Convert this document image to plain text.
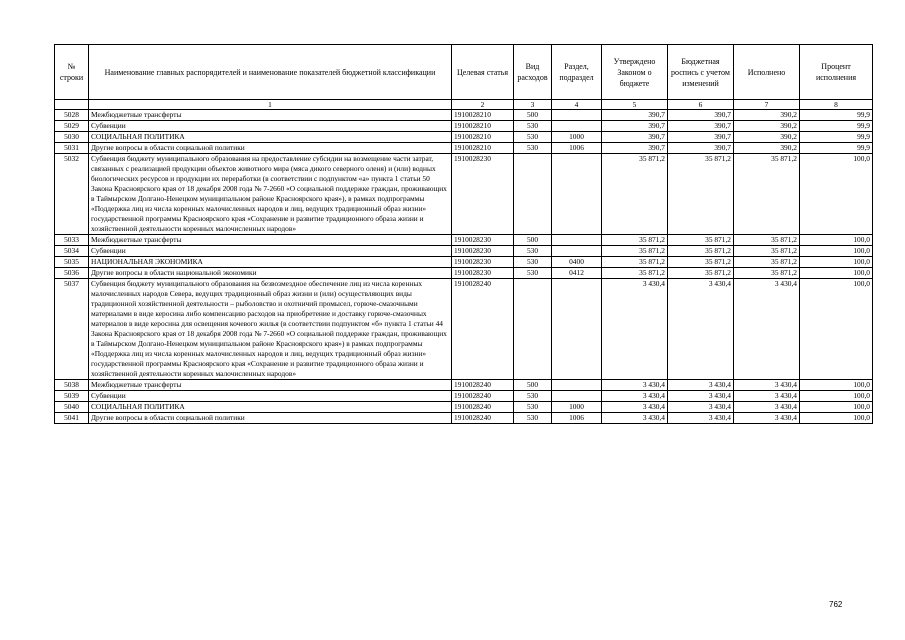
№ строки	Наименование главных распорядителей и наименование показателей бюджетной классификации	Целевая статья	Вид расходов	Раздел, подраздел	Утверждено Законом о бюджете	Бюджетная роспись с учетом изменений	Исполнено	Процент исполнения
	1	2	3	4	5	6	7	8
5028	Межбюджетные трансферты	1910028210	500		390,7	390,7	390,2	99,9
5029	Субвенции	1910028210	530		390,7	390,7	390,2	99,9
5030	СОЦИАЛЬНАЯ ПОЛИТИКА	1910028210	530	1000	390,7	390,7	390,2	99,9
5031	Другие вопросы в области социальной политики	1910028210	530	1006	390,7	390,7	390,2	99,9
5032	Субвенция бюджету муниципального образования на предоставление субсидии на возмещение части затрат, связанных с реализацией продукции объектов животного мира (мяса дикого северного оленя) и (или) водных биологических ресурсов и продукции их переработки (в соответствии с подпунктом «а» пункта 1 статьи 50 Закона Красноярского края от 18 декабря 2008 года № 7-2660 «О социальной поддержке граждан, проживающих в Таймырском Долгано-Ненецком муниципальном районе Красноярского края»), в рамках подпрограммы «Поддержка лиц из числа коренных малочисленных народов и лиц, ведущих традиционный образ жизни» государственной программы Красноярского края «Сохранение и развитие традиционного образа жизни и хозяйственной деятельности коренных малочисленных народов»	1910028230			35 871,2	35 871,2	35 871,2	100,0
5033	Межбюджетные трансферты	1910028230	500		35 871,2	35 871,2	35 871,2	100,0
5034	Субвенции	1910028230	530		35 871,2	35 871,2	35 871,2	100,0
5035	НАЦИОНАЛЬНАЯ ЭКОНОМИКА	1910028230	530	0400	35 871,2	35 871,2	35 871,2	100,0
5036	Другие вопросы в области национальной экономики	1910028230	530	0412	35 871,2	35 871,2	35 871,2	100,0
5037	Субвенция бюджету муниципального образования на безвозмездное обеспечение лиц из числа коренных малочисленных народов Севера, ведущих традиционный образ жизни и (или) осуществляющих виды традиционной хозяйственной деятельности – рыболовство и охотничий промысел, горюче-смазочными материалами в виде керосина либо компенсацию расходов на приобретение и доставку горюче-смазочных материалов в виде керосина для освещения кочевого жилья (в соответствии подпунктом «б» пункта 1 статьи 44 Закона Красноярского края от 18 декабря 2008 года № 7-2660 «О социальной поддержке граждан, проживающих в Таймырском Долгано-Ненецком муниципальном районе Красноярского края») в рамках подпрограммы «Поддержка лиц из числа коренных малочисленных народов и лиц, ведущих традиционный образ жизни» государственной программы Красноярского края «Сохранение и развитие традиционного образа жизни и хозяйственной деятельности коренных малочисленных народов»	1910028240			3 430,4	3 430,4	3 430,4	100,0
5038	Межбюджетные трансферты	1910028240	500		3 430,4	3 430,4	3 430,4	100,0
5039	Субвенции	1910028240	530		3 430,4	3 430,4	3 430,4	100,0
5040	СОЦИАЛЬНАЯ ПОЛИТИКА	1910028240	530	1000	3 430,4	3 430,4	3 430,4	100,0
5041	Другие вопросы в области социальной политики	1910028240	530	1006	3 430,4	3 430,4	3 430,4	100,0
762
